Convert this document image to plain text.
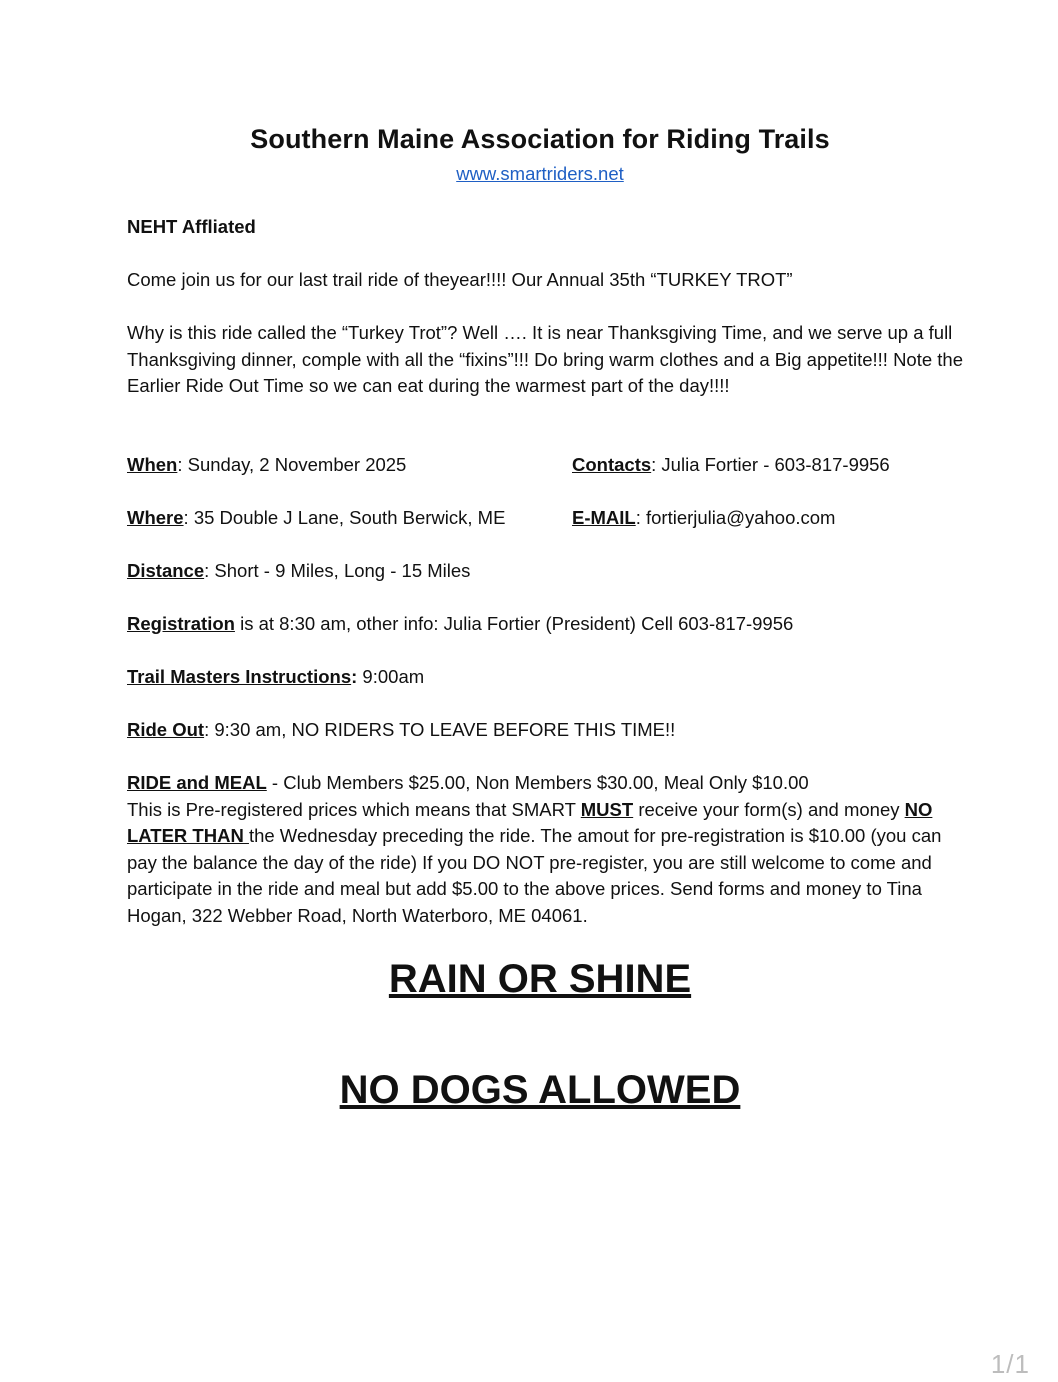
Southern Maine Association for Riding Trails
www.smartriders.net
NEHT Affliated
Come join us for our last trail ride of theyear!!!! Our Annual 35th “TURKEY TROT”
Why is this ride called the “Turkey Trot”? Well …. It is near Thanksgiving Time, and we serve up a full Thanksgiving dinner, comple with all the “fixins”!!! Do bring warm clothes and a Big appetite!!! Note the Earlier Ride Out Time so we can eat during the warmest part of the day!!!!
When: Sunday, 2 November 2025	Contacts: Julia Fortier - 603-817-9956
Where: 35 Double J Lane, South Berwick, ME	E-MAIL: fortierjulia@yahoo.com
Distance: Short - 9 Miles, Long - 15 Miles
Registration is at 8:30 am, other info: Julia Fortier (President) Cell 603-817-9956
Trail Masters Instructions: 9:00am
Ride Out: 9:30 am, NO RIDERS TO LEAVE BEFORE THIS TIME!!
RIDE and MEAL - Club Members $25.00, Non Members $30.00, Meal Only $10.00
This is Pre-registered prices which means that SMART MUST receive your form(s) and money NO LATER THAN the Wednesday preceding the ride. The amout for pre-registration is $10.00 (you can pay the balance the day of the ride) If you DO NOT pre-register, you are still welcome to come and participate in the ride and meal but add $5.00 to the above prices. Send forms and money to Tina Hogan, 322 Webber Road, North Waterboro, ME 04061.
RAIN OR SHINE
NO DOGS ALLOWED
1/1
